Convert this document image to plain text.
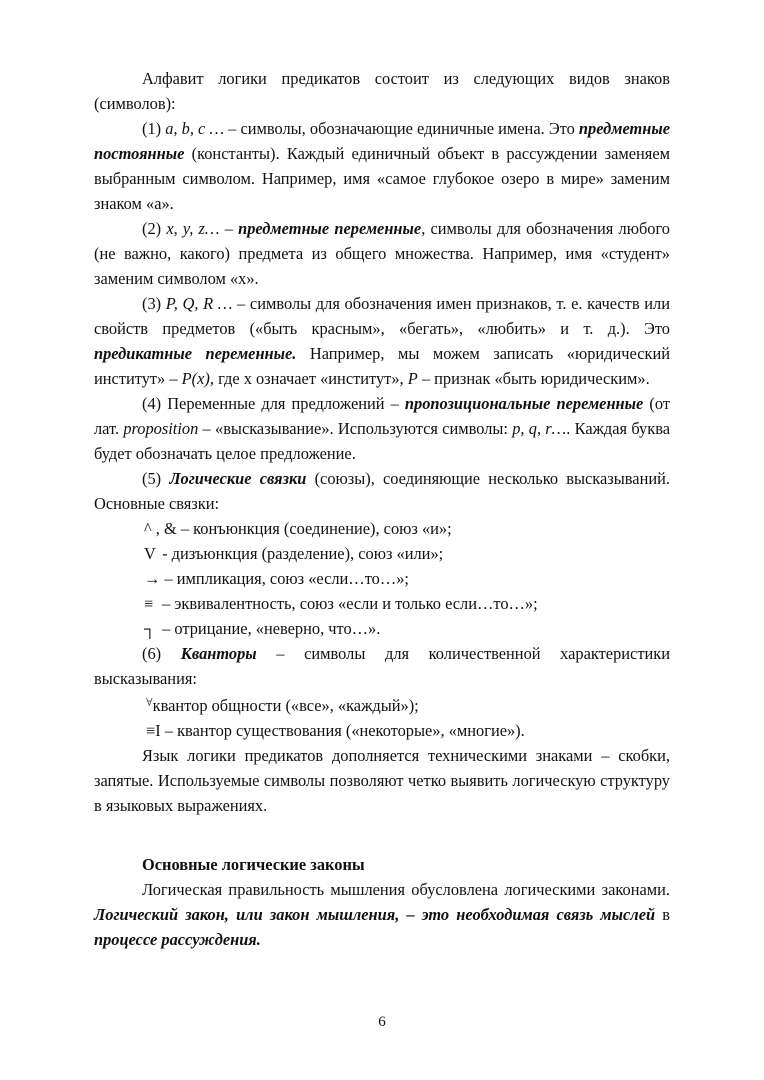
Алфавит логики предикатов состоит из следующих видов знаков (символов):

(1) a, b, c … – символы, обозначающие единичные имена. Это предметные постоянные (константы). Каждый единичный объект в рассуждении заменяем выбранным символом. Например, имя «самое глубокое озеро в мире» заменим знаком «а».

(2) x, y, z… – предметные переменные, символы для обозначения любого (не важно, какого) предмета из общего множества. Например, имя «студент» заменим символом «х».

(3) P, Q, R … – символы для обозначения имен признаков, т. е. качеств или свойств предметов («быть красным», «бегать», «любить» и т. д.). Это предикатные переменные. Например, мы можем записать «юридический институт» – P(x), где х означает «институт», P – признак «быть юридическим».

(4) Переменные для предложений – пропозициональные переменные (от лат. proposition – «высказывание». Используются символы: p, q, r…. Каждая буква будет обозначать целое предложение.

(5) Логические связки (союзы), соединяющие несколько высказываний. Основные связки:

^ , & – конъюнкция (соединение), союз «и»;

V - дизъюнкция (разделение), союз «или»;

→ – импликация, союз «если…то…»;

≡ – эквивалентность, союз «если и только если…то…»;

┐ – отрицание, «неверно, что…».

(6) Кванторы – символы для количественной характеристики высказывания:

∀квантор общности («все», «каждый»);

≡I – квантор существования («некоторые», «многие»).

Язык логики предикатов дополняется техническими знаками – скобки, запятые. Используемые символы позволяют четко выявить логическую структуру в языковых выражениях.

Основные логические законы

Логическая правильность мышления обусловлена логическими законами. Логический закон, или закон мышления, – это необходимая связь мыслей в процессе рассуждения.

6
